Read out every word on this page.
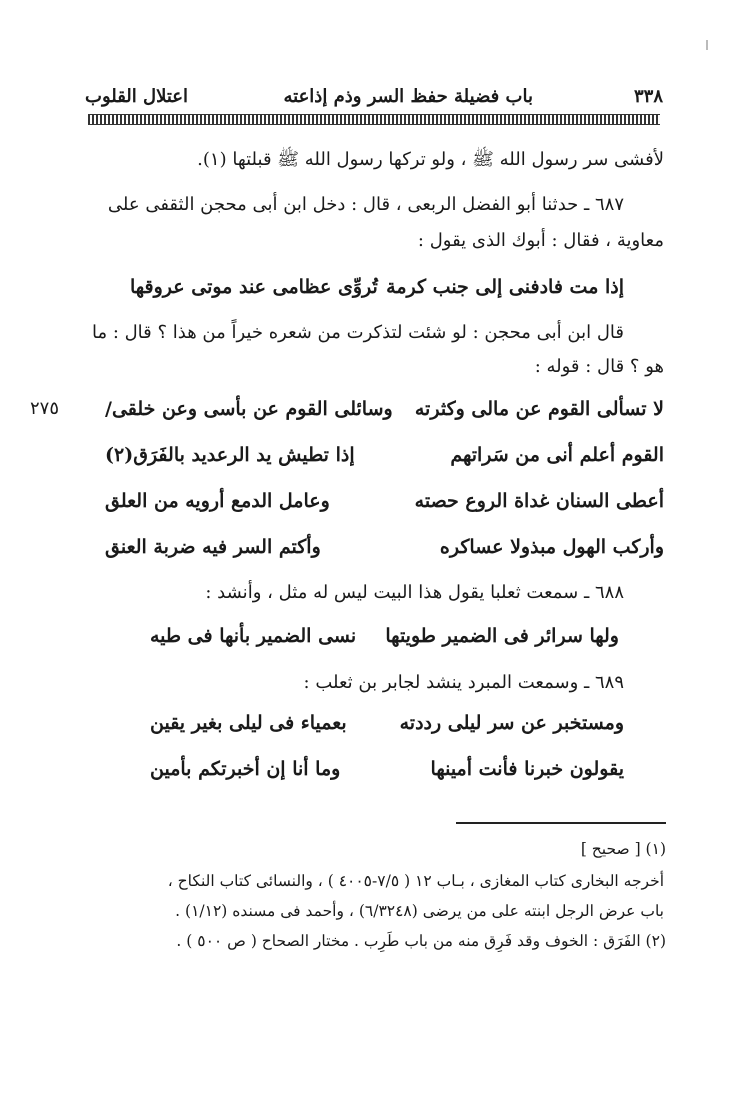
٣٣٨
باب فضيلة حفظ السر وذم إذاعته
اعتلال القلوب
لأفشى سر رسول الله ﷺ ، ولو تركها رسول الله ﷺ قبلتها (١).
٦٨٧ ـ حدثنا أبو الفضل الربعى ، قال : دخل ابن أبى محجن الثقفى على
معاوية ، فقال : أبوك الذى يقول :
إذا مت فادفنى إلى جنب كرمة
تُروِّى عظامى عند موتى عروقها
قال ابن أبى محجن : لو شئت لتذكرت من شعره خيراً من هذا ؟ قال : ما
هو ؟ قال : قوله :
٢٧٥	لا تسألى القوم عن مالى وكثرته
وسائلى القوم عن بأسى وعن خلقى/
القوم أعلم أنى من سَراتهم
إذا تطيش يد الرعديد بالفَرَق(٢)
أعطى السنان غداة الروع حصته
وعامل الدمع أرويه من العلق
وأركب الهول مبذولا عساكره
وأكتم السر فيه ضربة العنق
٦٨٨ ـ سمعت ثعلبا يقول هذا البيت ليس له مثل ، وأنشد :
ولها سرائر فى الضمير طويتها
نسى الضمير بأنها فى طيه
٦٨٩ ـ وسمعت المبرد ينشد لجابر بن ثعلب :
ومستخبر عن سر ليلى رددته
بعمياء فى ليلى بغير يقين
يقولون خبرنا فأنت أمينها
وما أنا إن أخبرتكم بأمين
(١) [ صحيح ]
أخرجه البخارى كتاب المغازى ، بـاب ١٢ ( ٧/٥-٤٠٠٥ ) ، والنسائى كتاب النكاح ،
باب عرض الرجل ابنته على من يرضى (٦/٣٢٤٨) ، وأحمد فى مسنده (١/١٢) .
(٢) الفَرَق : الخوف وقد فَرِق منه من باب طَرِب . مختار الصحاح ( ص ٥٠٠ ) .
